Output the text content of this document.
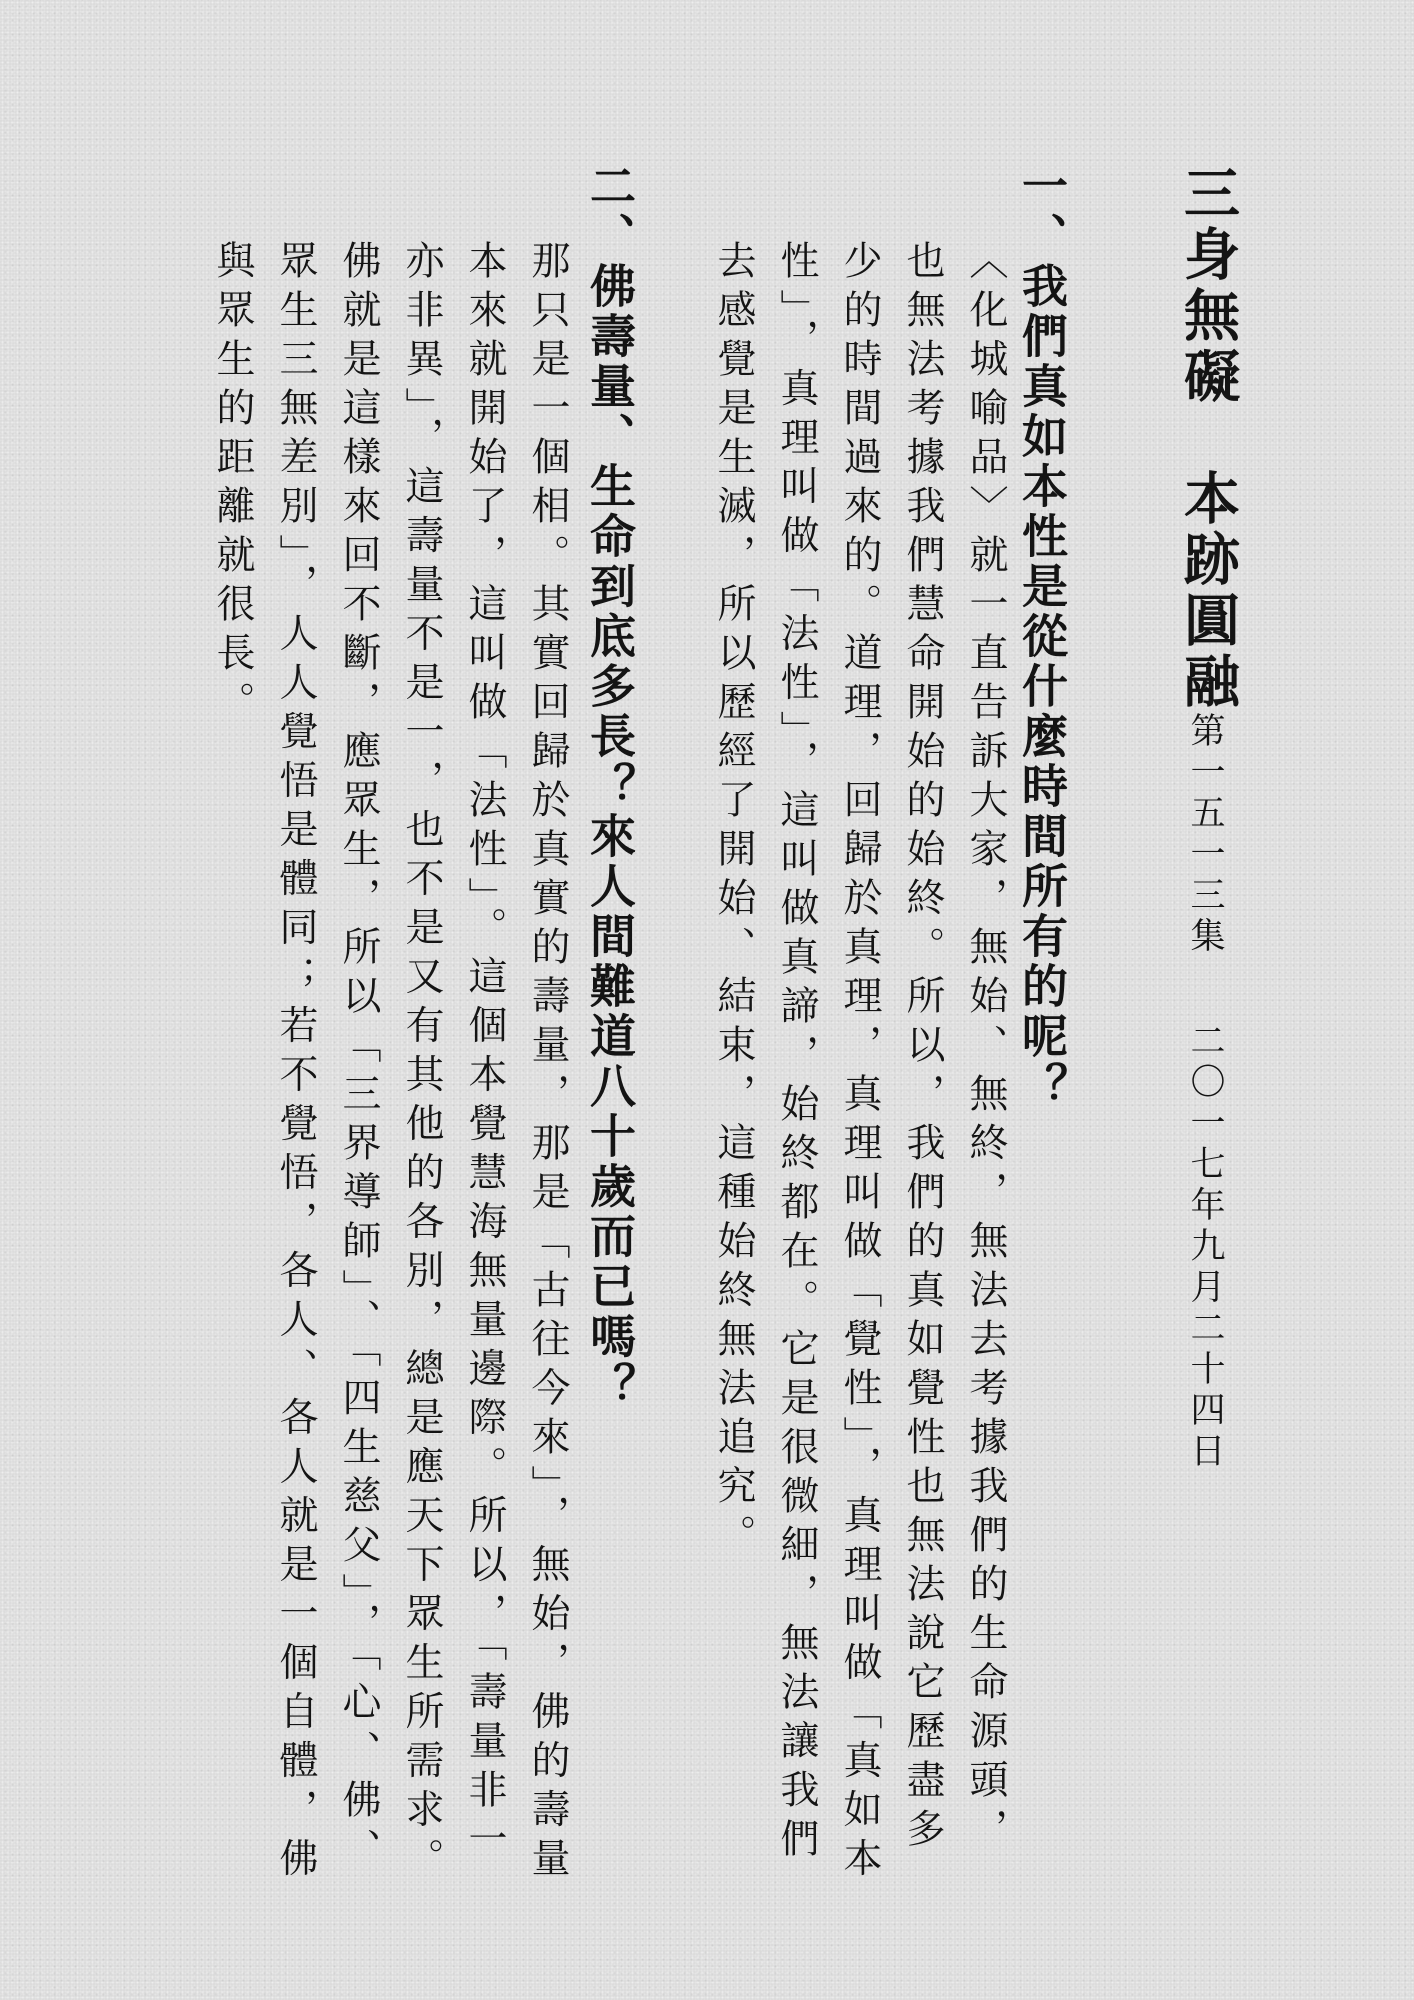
三身無礙　本跡圓融
第一五一三集二〇一七年九月二十四日
一、我們真如本性是從什麼時間所有的呢？
〈化城喻品〉就一直告訴大家，無始、無終，無法去考據我們的生命源頭，
也無法考據我們慧命開始的始終。所以，我們的真如覺性也無法說它歷盡多
少的時間過來的。道理，回歸於真理，真理叫做「覺性」，真理叫做「真如本
性」，真理叫做「法性」，這叫做真諦，始終都在。它是很微細，無法讓我們
去感覺是生滅，所以歷經了開始、結束，這種始終無法追究。
二、佛壽量、生命到底多長？來人間難道八十歲而已嗎？
那只是一個相。其實回歸於真實的壽量，那是「古往今來」，無始，佛的壽量
本來就開始了，這叫做「法性」。這個本覺慧海無量邊際。所以，「壽量非一
亦非異」，這壽量不是一，也不是又有其他的各別，總是應天下眾生所需求。
佛就是這樣來回不斷，應眾生，所以「三界導師」、「四生慈父」，「心、佛、
眾生三無差別」，人人覺悟是體同；若不覺悟，各人、各人就是一個自體，佛
與眾生的距離就很長。
